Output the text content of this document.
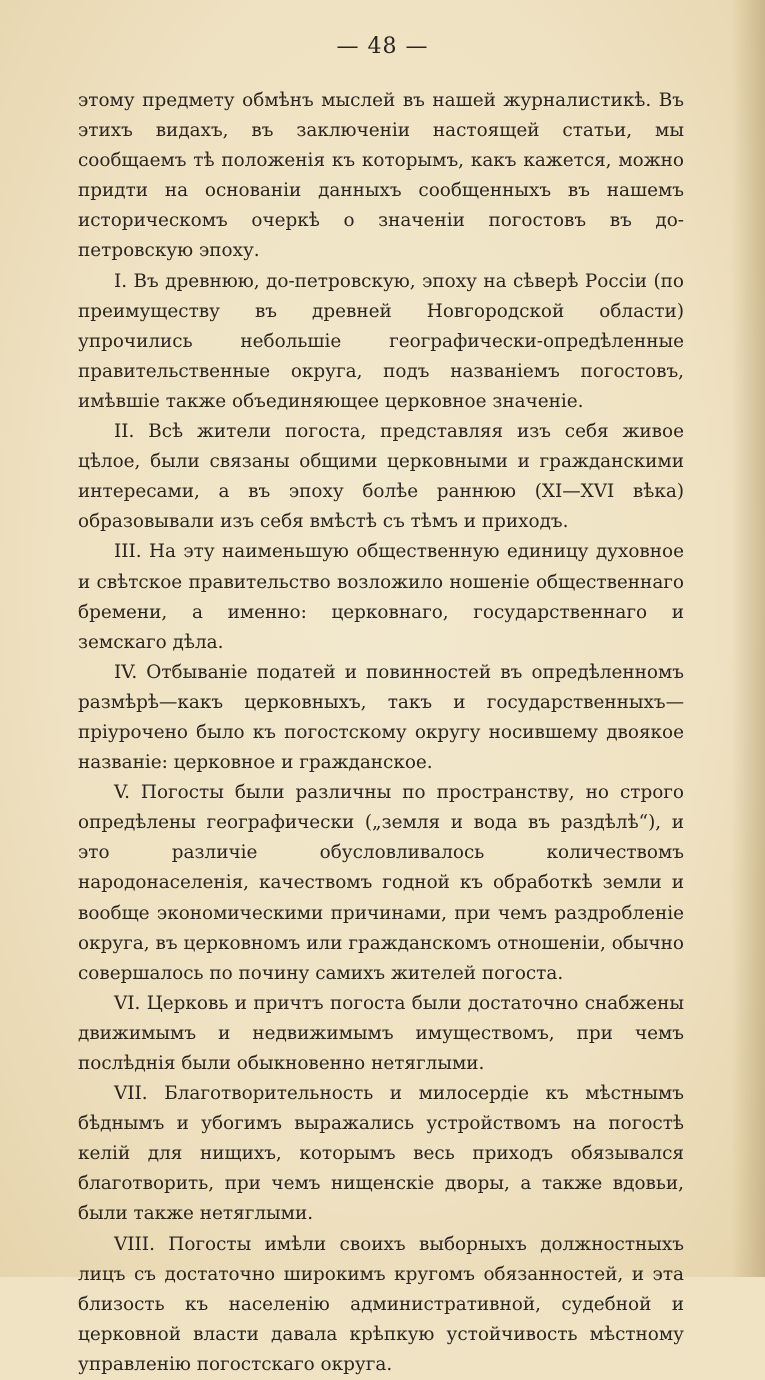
— 48 —

этому предмету обмѣнъ мыслей въ нашей журналистикѣ. Въ этихъ видахъ, въ заключенiи настоящей статьи, мы сообщаемъ тѣ положенiя къ которымъ, какъ кажется, можно придти на основанiи данныхъ сообщенныхъ въ нашемъ историческомъ очеркѣ о значенiи погостовъ въ до-петровскую эпоху.

I. Въ древнюю, до-петровскую, эпоху на сѣверѣ Россiи (по преимуществу въ древней Новгородской области) упрочились небольшiе географически-опредѣленные правительственные округа, подъ названiемъ погостовъ, имѣвшiе также объединяющее церковное значенiе.

II. Всѣ жители погоста, представляя изъ себя живое цѣлое, были связаны общими церковными и гражданскими интересами, а въ эпоху болѣе раннюю (XI—XVI вѣка) образовывали изъ себя вмѣстѣ съ тѣмъ и приходъ.

III. На эту наименьшую общественную единицу духовное и свѣтское правительство возложило ношенiе общественнаго бремени, а именно: церковнаго, государственнаго и земскаго дѣла.

IV. Отбыванiе податей и повинностей въ опредѣленномъ размѣрѣ—какъ церковныхъ, такъ и государственныхъ—прiурочено было къ погостскому округу носившему двоякое названiе: церковное и гражданское.

V. Погосты были различны по пространству, но строго опредѣлены географически („земля и вода въ раздѣлѣ“), и это различiе обусловливалось количествомъ народонаселенiя, качествомъ годной къ обработкѣ земли и вообще экономическими причинами, при чемъ раздробленiе округа, въ церковномъ или гражданскомъ отношенiи, обычно совершалось по почину самихъ жителей погоста.

VI. Церковь и причтъ погоста были достаточно снабжены движимымъ и недвижимымъ имуществомъ, при чемъ послѣднiя были обыкновенно нетяглыми.

VII. Благотворительность и милосердiе къ мѣстнымъ бѣднымъ и убогимъ выражались устройствомъ на погостѣ келiй для нищихъ, которымъ весь приходъ обязывался благотворить, при чемъ нищенскiе дворы, а также вдовьи, были также нетяглыми.

VIII. Погосты имѣли своихъ выборныхъ должностныхъ лицъ съ достаточно широкимъ кругомъ обязанностей, и эта близость къ населенiю административной, судебной и церковной власти давала крѣпкую устойчивость мѣстному управленiю погостскаго округа.
